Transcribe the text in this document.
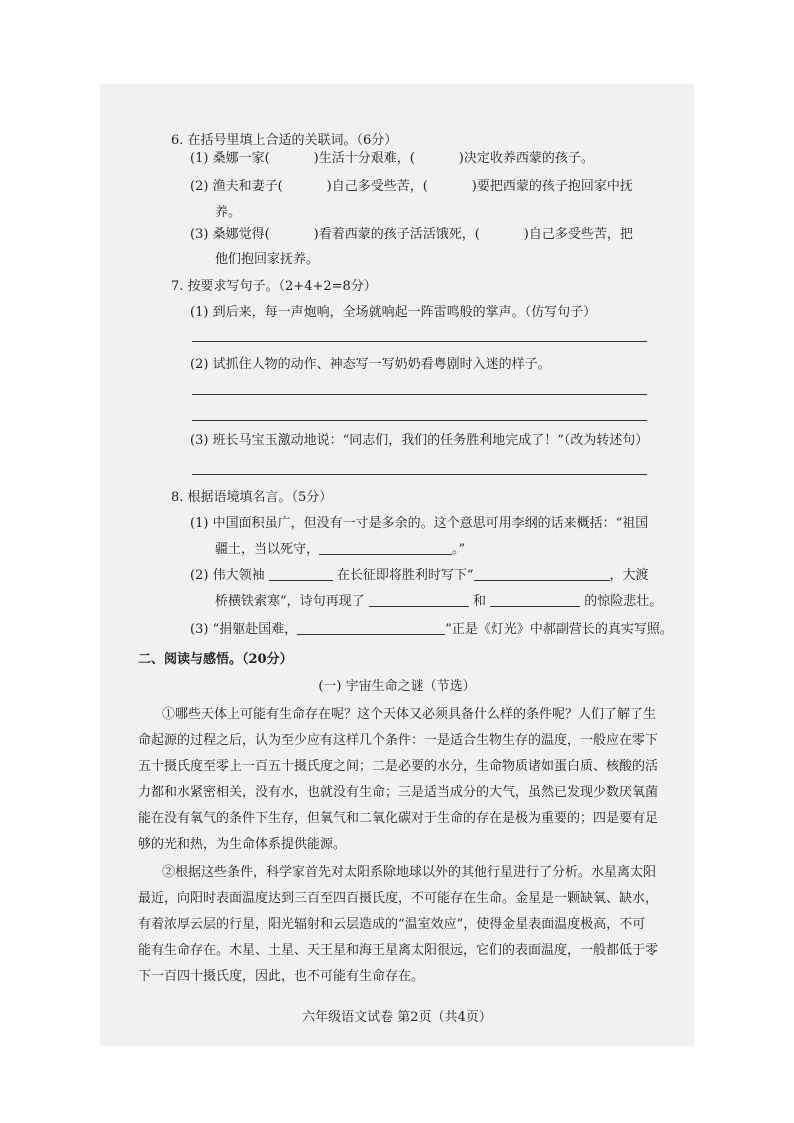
6. 在括号里填上合适的关联词。（6分）
(1) 桑娜一家(	)生活十分艰难，(	)决定收养西蒙的孩子。
(2) 渔夫和妻子(	)自己多受些苦，(	)要把西蒙的孩子抱回家中抚
养。
(3) 桑娜觉得(	)看着西蒙的孩子活活饿死，(	)自己多受些苦，把
他们抱回家抚养。
7. 按要求写句子。（2+4+2=8分）
(1) 到后来，每一声炮响，全场就响起一阵雷鸣般的掌声。（仿写句子）
(2) 试抓住人物的动作、神态写一写奶奶看粤剧时入迷的样子。
(3) 班长马宝玉激动地说：“同志们，我们的任务胜利地完成了！”（改为转述句）
8. 根据语境填名言。（5分）
(1) 中国面积虽广，但没有一寸是多余的。这个意思可用李纲的话来概括：“祖国
疆土，当以死守，	。”
(2) 伟大领袖	在长征即将胜利时写下“	，大渡
桥横铁索寒”，诗句再现了	和	的惊险悲壮。
(3) “捐躯赴国难，	”正是《灯光》中郝副营长的真实写照。
二、阅读与感悟。（20分）
(一) 宇宙生命之谜（节选）
①哪些天体上可能有生命存在呢？这个天体又必须具备什么样的条件呢？人们了解了生
命起源的过程之后，认为至少应有这样几个条件：一是适合生物生存的温度，一般应在零下
五十摄氏度至零上一百五十摄氏度之间；二是必要的水分，生命物质诸如蛋白质、核酸的活
力都和水紧密相关，没有水，也就没有生命；三是适当成分的大气，虽然已发现少数厌氧菌
能在没有氧气的条件下生存，但氧气和二氧化碳对于生命的存在是极为重要的；四是要有足
够的光和热，为生命体系提供能源。
②根据这些条件，科学家首先对太阳系除地球以外的其他行星进行了分析。水星离太阳
最近，向阳时表面温度达到三百至四百摄氏度，不可能存在生命。金星是一颗缺氧、缺水，
有着浓厚云层的行星，阳光辐射和云层造成的“温室效应”，使得金星表面温度极高，不可
能有生命存在。木星、土星、天王星和海王星离太阳很远，它们的表面温度，一般都低于零
下一百四十摄氏度，因此，也不可能有生命存在。
六年级语文试卷 第2页（共4页）
